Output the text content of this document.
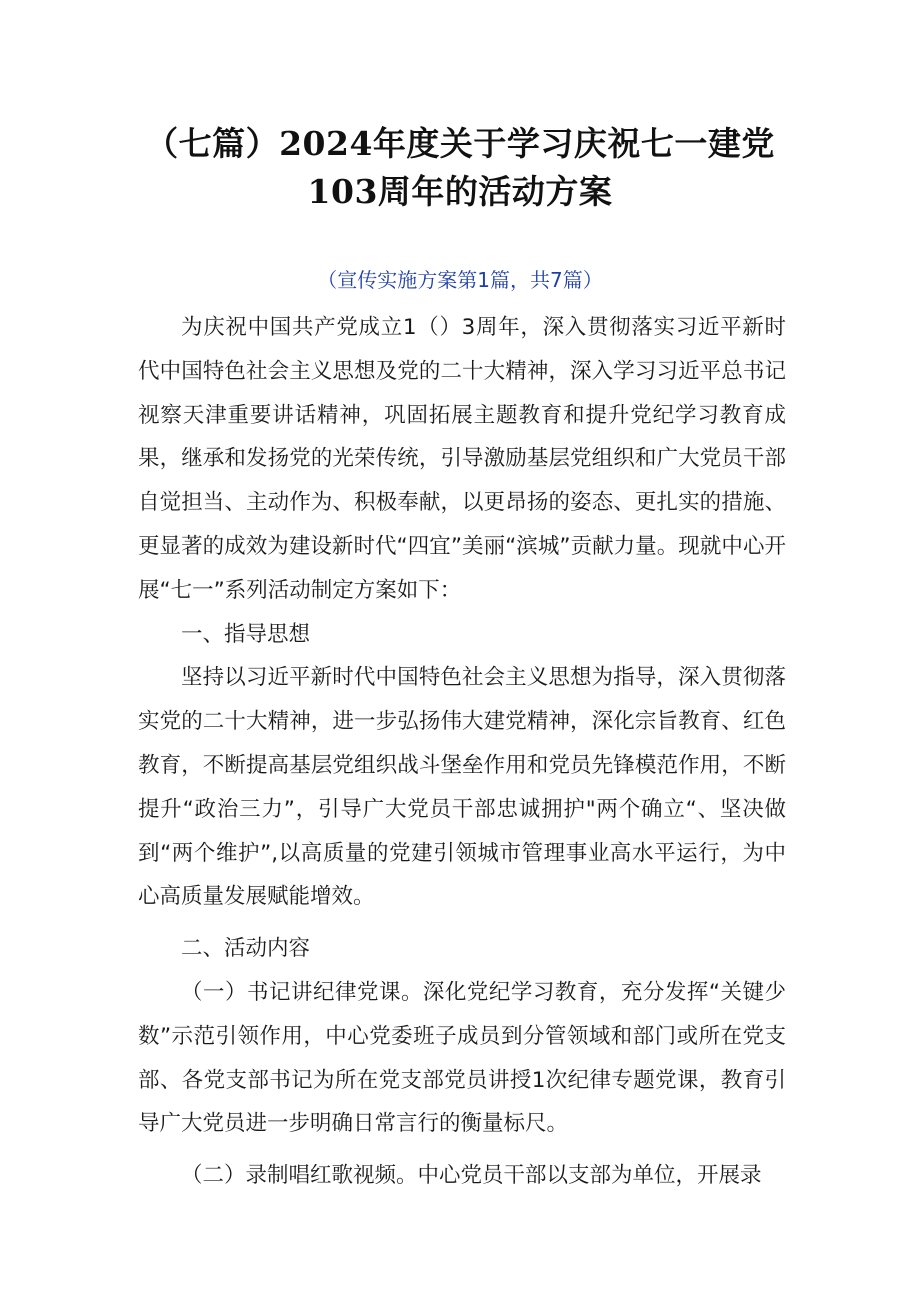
（七篇）2024年度关于学习庆祝七一建党
103周年的活动方案

（宣传实施方案第1篇，共7篇）

为庆祝中国共产党成立1（）3周年，深入贯彻落实习近平新时代中国特色社会主义思想及党的二十大精神，深入学习习近平总书记视察天津重要讲话精神，巩固拓展主题教育和提升党纪学习教育成果，继承和发扬党的光荣传统，引导激励基层党组织和广大党员干部自觉担当、主动作为、积极奉献，以更昂扬的姿态、更扎实的措施、更显著的成效为建设新时代“四宜”美丽“滨城”贡献力量。现就中心开展“七一”系列活动制定方案如下：

一、指导思想

坚持以习近平新时代中国特色社会主义思想为指导，深入贯彻落实党的二十大精神，进一步弘扬伟大建党精神，深化宗旨教育、红色教育，不断提高基层党组织战斗堡垒作用和党员先锋模范作用，不断提升“政治三力”，引导广大党员干部忠诚拥护"两个确立“、坚决做到“两个维护”,以高质量的党建引领城市管理事业高水平运行，为中心高质量发展赋能增效。

二、活动内容

（一）书记讲纪律党课。深化党纪学习教育，充分发挥“关键少数”示范引领作用，中心党委班子成员到分管领域和部门或所在党支部、各党支部书记为所在党支部党员讲授1次纪律专题党课，教育引导广大党员进一步明确日常言行的衡量标尺。

（二）录制唱红歌视频。中心党员干部以支部为单位，开展录
